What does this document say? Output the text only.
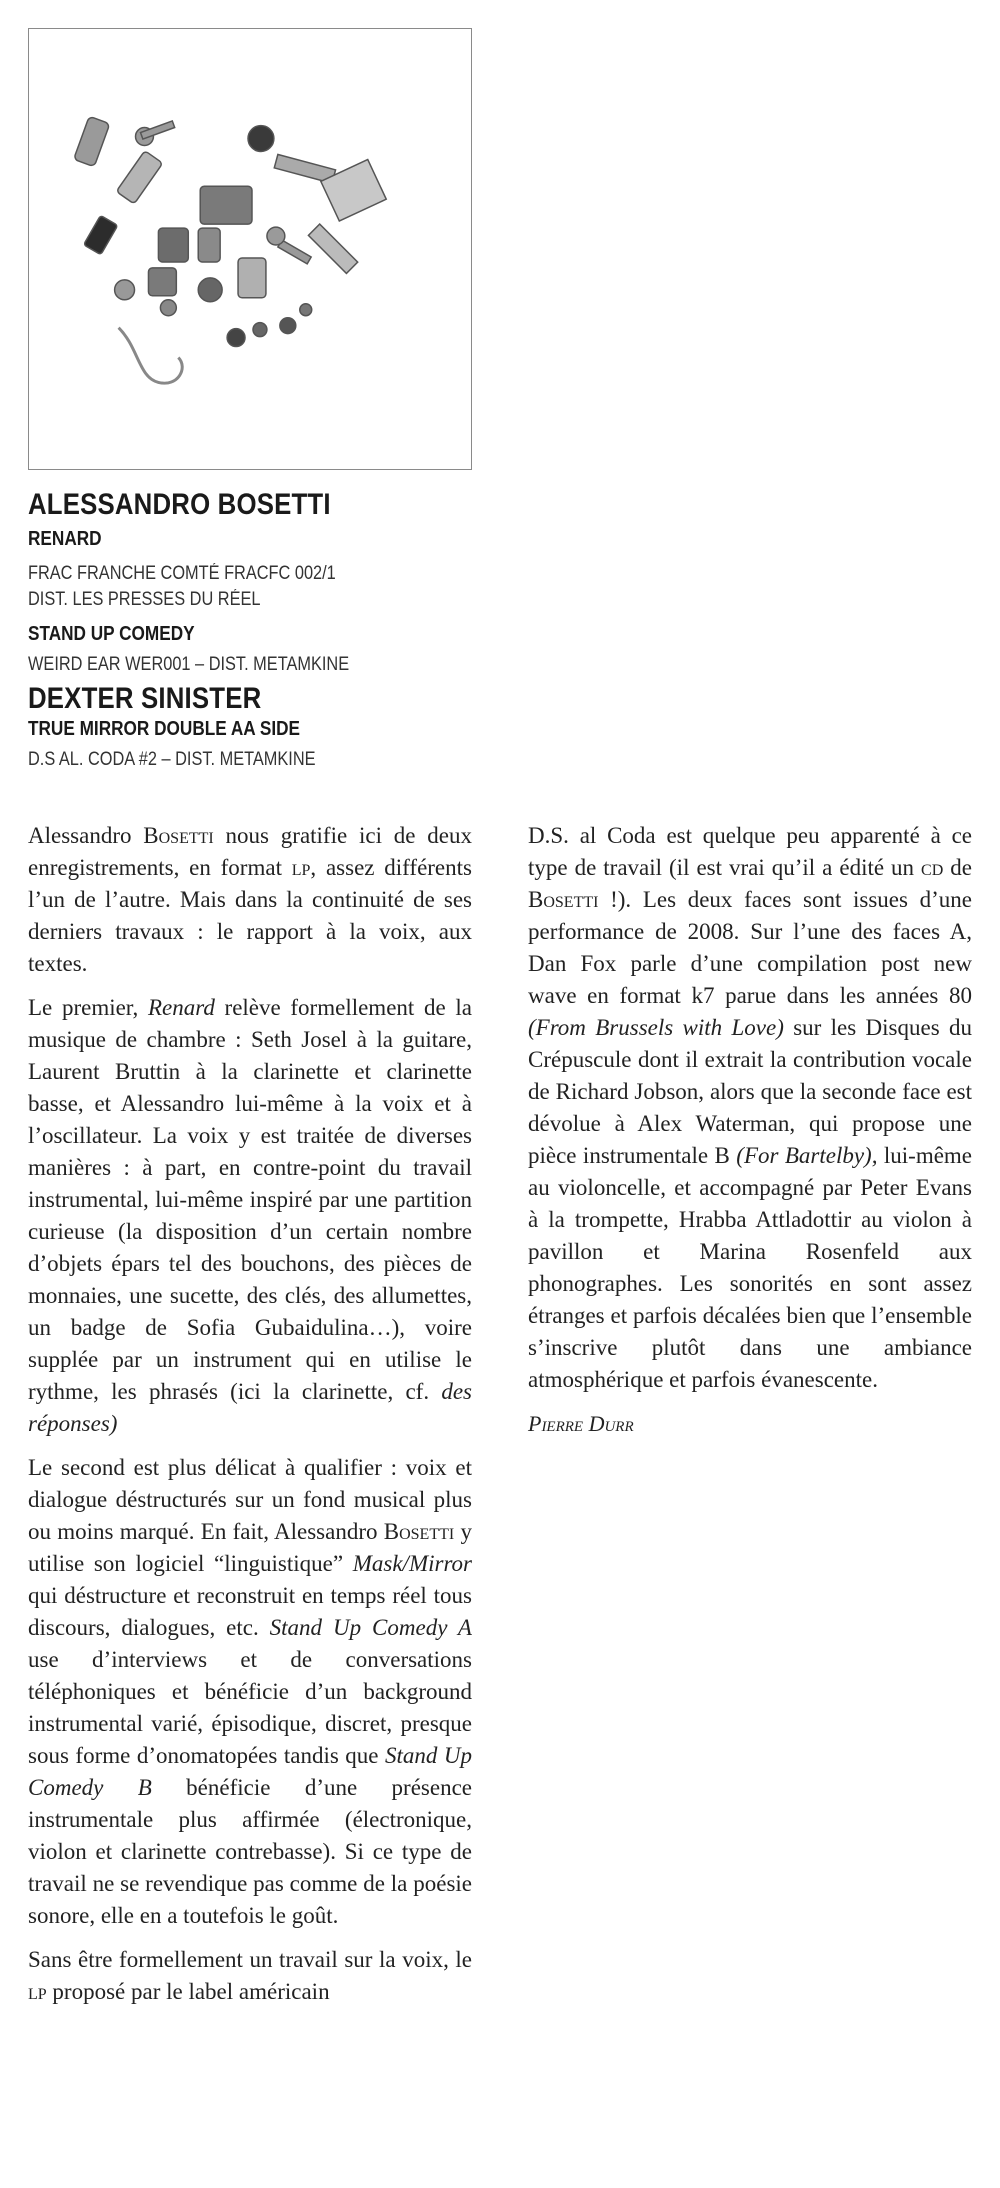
ALESSANDRO BOSETTI

RENARD

FRAC FRANCHE COMTÉ FRACFC 002/1

DIST. LES PRESSES DU RÉEL

STAND UP COMEDY

WEIRD EAR WER001 – DIST. METAMKINE

DEXTER SINISTER

TRUE MIRROR DOUBLE AA SIDE

D.S AL. CODA #2 – DIST. METAMKINE

Alessandro Bosetti nous gratifie ici de deux enregistrements, en format lp, assez différents l’un de l’autre. Mais dans la continuité de ses derniers travaux : le rapport à la voix, aux textes.

Le premier, Renard relève formellement de la musique de chambre : Seth Josel à la guitare, Laurent Bruttin à la clarinette et clarinette basse, et Alessandro lui-même à la voix et à l’oscillateur. La voix y est traitée de diverses manières : à part, en contre-point du travail instrumental, lui-même inspiré par une partition curieuse (la disposition d’un certain nombre d’objets épars tel des bouchons, des pièces de monnaies, une sucette, des clés, des allumettes, un badge de Sofia Gubaidulina…), voire supplée par un instrument qui en utilise le rythme, les phrasés (ici la clarinette, cf. des réponses)

Le second est plus délicat à qualifier : voix et dialogue déstructurés sur un fond musical plus ou moins marqué. En fait, Alessandro Bosetti y utilise son logiciel “linguistique” Mask/Mirror qui déstructure et reconstruit en temps réel tous discours, dialogues, etc. Stand Up Comedy A use d’interviews et de conversations téléphoniques et bénéficie d’un background instrumental varié, épisodique, discret, presque sous forme d’onomatopées tandis que Stand Up Comedy B bénéficie d’une présence instrumentale plus affirmée (électronique, violon et clarinette contrebasse). Si ce type de travail ne se revendique pas comme de la poésie sonore, elle en a toutefois le goût.

Sans être formellement un travail sur la voix, le lp proposé par le label américain

D.S. al Coda est quelque peu apparenté à ce type de travail (il est vrai qu’il a édité un cd de Bosetti !). Les deux faces sont issues d’une performance de 2008. Sur l’une des faces A, Dan Fox parle d’une compilation post new wave en format k7 parue dans les années 80 (From Brussels with Love) sur les Disques du Crépuscule dont il extrait la contribution vocale de Richard Jobson, alors que la seconde face est dévolue à Alex Waterman, qui propose une pièce instrumentale B (For Bartelby), lui-même au violoncelle, et accompagné par Peter Evans à la trompette, Hrabba Attladottir au violon à pavillon et Marina Rosenfeld aux phonographes. Les sonorités en sont assez étranges et parfois décalées bien que l’ensemble s’inscrive plutôt dans une ambiance atmosphérique et parfois évanescente.

Pierre Durr
